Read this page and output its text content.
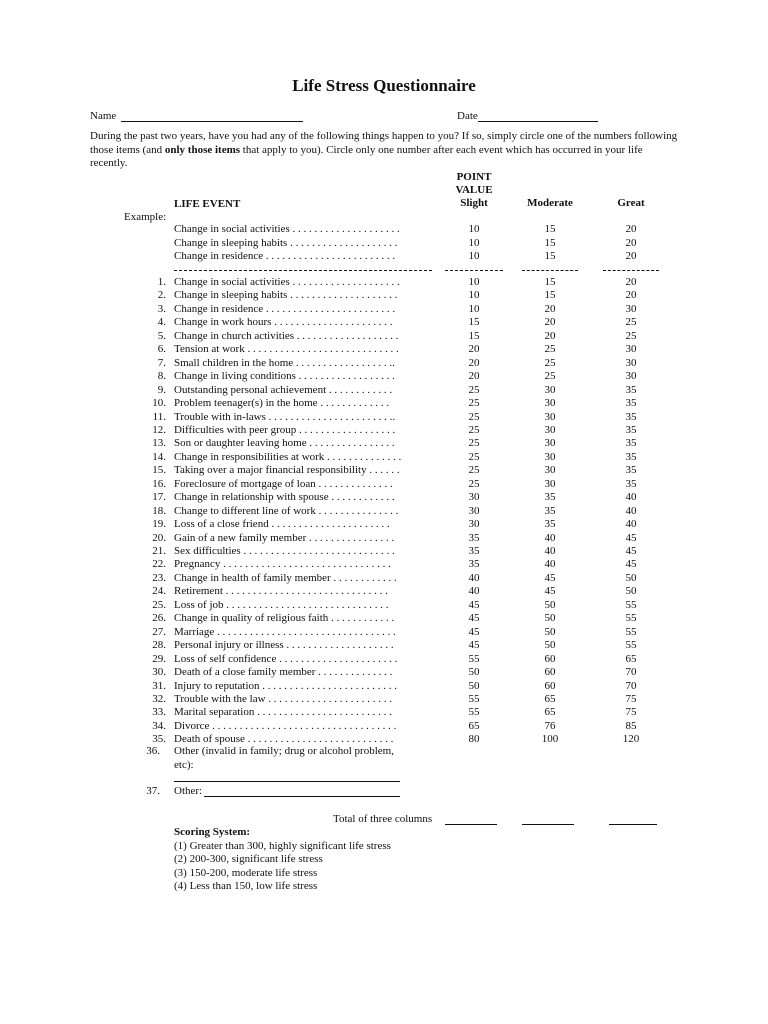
Life Stress Questionnaire
Name	Date
During the past two years, have you had any of the following things happen to you? If so, simply circle one of the numbers following those items (and only those items that apply to you). Circle only one number after each event which has occurred in your life recently.
LIFE EVENT
POINT
VALUE
Slight	Moderate	Great
Example:
Change in social activities . . . . . . . . . . . . . . . . . . . .	10	15	20
Change in sleeping habits . . . . . . . . . . . . . . . . . . . .	10	15	20
Change in residence . . . . . . . . . . . . . . . . . . . . . . . .	10	15	20
1. Change in social activities . . . . . . . . . . . . . . . . . . . .	10	15	20
2. Change in sleeping habits . . . . . . . . . . . . . . . . . . . .	10	15	20
3. Change in residence . . . . . . . . . . . . . . . . . . . . . . . .	10	20	30
4. Change in work hours . . . . . . . . . . . . . . . . . . . . . .	15	20	25
5. Change in church activities . . . . . . . . . . . . . . . . . . .	15	20	25
6. Tension at work . . . . . . . . . . . . . . . . . . . . . . . . . . . .	20	25	30
7. Small children in the home . . . . . . . . . . . . . . . . . ..	20	25	30
8. Change in living conditions . . . . . . . . . . . . . . . . . .	20	25	30
9. Outstanding personal achievement . . . . . . . . . . . .	25	30	35
10. Problem teenager(s) in the home . . . . . . . . . . . . .	25	30	35
11. Trouble with in-laws . . . . . . . . . . . . . . . . . . . . . . ..	25	30	35
12. Difficulties with peer group . . . . . . . . . . . . . . . . . .	25	30	35
13. Son or daughter leaving home . . . . . . . . . . . . . . . .	25	30	35
14. Change in responsibilities at work . . . . . . . . . . . . . .	25	30	35
15. Taking over a major financial responsibility . . . . . .	25	30	35
16. Foreclosure of mortgage of loan . . . . . . . . . . . . . .	25	30	35
17. Change in relationship with spouse . . . . . . . . . . . .	30	35	40
18. Change to different line of work . . . . . . . . . . . . . . .	30	35	40
19. Loss of a close friend . . . . . . . . . . . . . . . . . . . . . .	30	35	40
20. Gain of a new family member . . . . . . . . . . . . . . . .	35	40	45
21. Sex difficulties . . . . . . . . . . . . . . . . . . . . . . . . . . . .	35	40	45
22. Pregnancy . . . . . . . . . . . . . . . . . . . . . . . . . . . . . . .	35	40	45
23. Change in health of family member . . . . . . . . . . . .	40	45	50
24. Retirement . . . . . . . . . . . . . . . . . . . . . . . . . . . . . .	40	45	50
25. Loss of job . . . . . . . . . . . . . . . . . . . . . . . . . . . . . .	45	50	55
26. Change in quality of religious faith . . . . . . . . . . . .	45	50	55
27. Marriage . . . . . . . . . . . . . . . . . . . . . . . . . . . . . . . . .	45	50	55
28. Personal injury or illness . . . . . . . . . . . . . . . . . . . .	45	50	55
29. Loss of self confidence . . . . . . . . . . . . . . . . . . . . . .	55	60	65
30. Death of a close family member . . . . . . . . . . . . . .	50	60	70
31. Injury to reputation . . . . . . . . . . . . . . . . . . . . . . . . .	50	60	70
32. Trouble with the law . . . . . . . . . . . . . . . . . . . . . . .	55	65	75
33. Marital separation . . . . . . . . . . . . . . . . . . . . . . . . .	55	65	75
34. Divorce . . . . . . . . . . . . . . . . . . . . . . . . . . . . . . . . . .	65	76	85
35. Death of spouse . . . . . . . . . . . . . . . . . . . . . . . . . . .	80	100	120
36. Other (invalid in family; drug or alcohol problem, etc):
37. Other:
Total of three columns
Scoring System:
(1) Greater than 300, highly significant life stress
(2) 200-300, significant life stress
(3) 150-200, moderate life stress
(4) Less than 150, low life stress
